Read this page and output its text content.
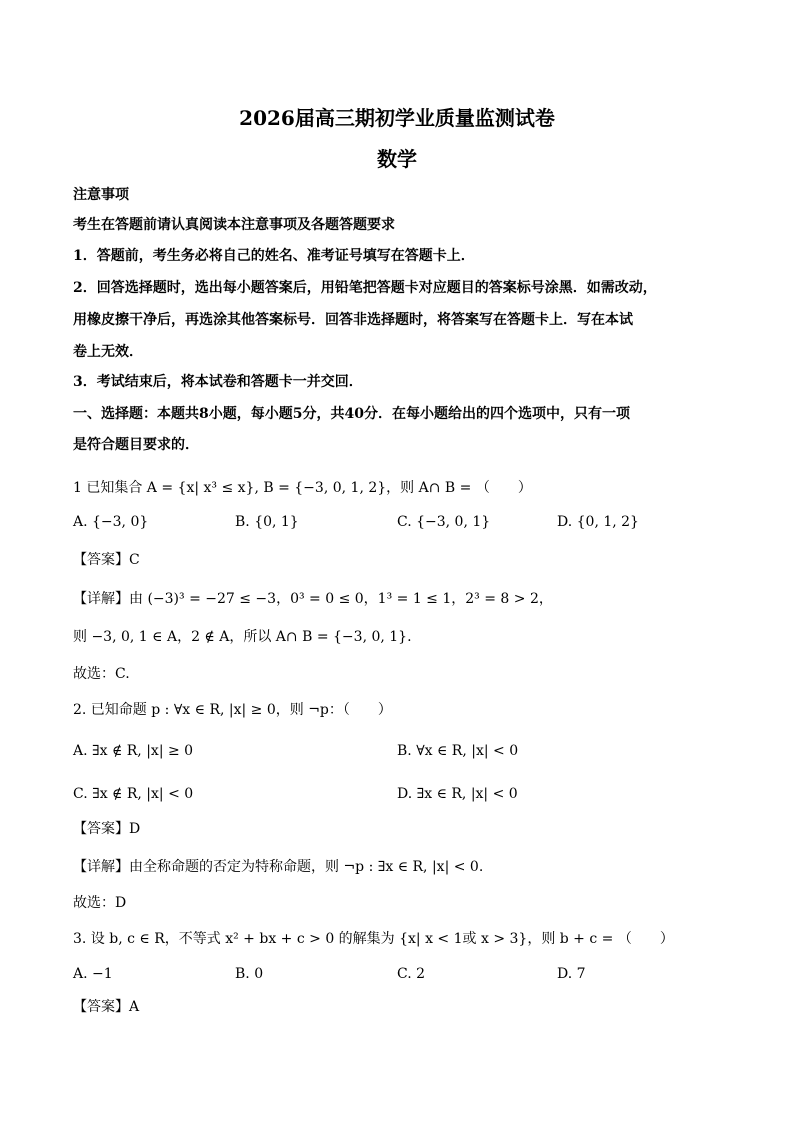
2026届高三期初学业质量监测试卷
数学
注意事项
考生在答题前请认真阅读本注意事项及各题答题要求
1．答题前，考生务必将自己的姓名、准考证号填写在答题卡上．
2．回答选择题时，选出每小题答案后，用铅笔把答题卡对应题目的答案标号涂黑．如需改动，
用橡皮擦干净后，再选涂其他答案标号．回答非选择题时，将答案写在答题卡上．写在本试
卷上无效．
3．考试结束后，将本试卷和答题卡一并交回．
一、选择题：本题共8小题，每小题5分，共40分．在每小题给出的四个选项中，只有一项
是符合题目要求的．
1 已知集合 A = {x| x³ ≤ x}, B = {−3, 0, 1, 2}，则 A∩ B = （　　）
A. {−3, 0}	B. {0, 1}	C. {−3, 0, 1}	D. {0, 1, 2}
【答案】C
【详解】由 (−3)³ = −27 ≤ −3，0³ = 0 ≤ 0，1³ = 1 ≤ 1，2³ = 8 > 2，
则 −3, 0, 1 ∈ A，2 ∉ A，所以 A∩ B = {−3, 0, 1}.
故选：C.
2. 已知命题 p : ∀x ∈ R, |x| ≥ 0，则 ¬p：（　　）
A. ∃x ∉ R, |x| ≥ 0	B. ∀x ∈ R, |x| < 0
C. ∃x ∉ R, |x| < 0	D. ∃x ∈ R, |x| < 0
【答案】D
【详解】由全称命题的否定为特称命题，则 ¬p : ∃x ∈ R, |x| < 0.
故选：D
3. 设 b, c ∈ R，不等式 x² + bx + c > 0 的解集为 {x| x < 1或 x > 3}，则 b + c = （　　）
A. −1	B. 0	C. 2	D. 7
【答案】A
